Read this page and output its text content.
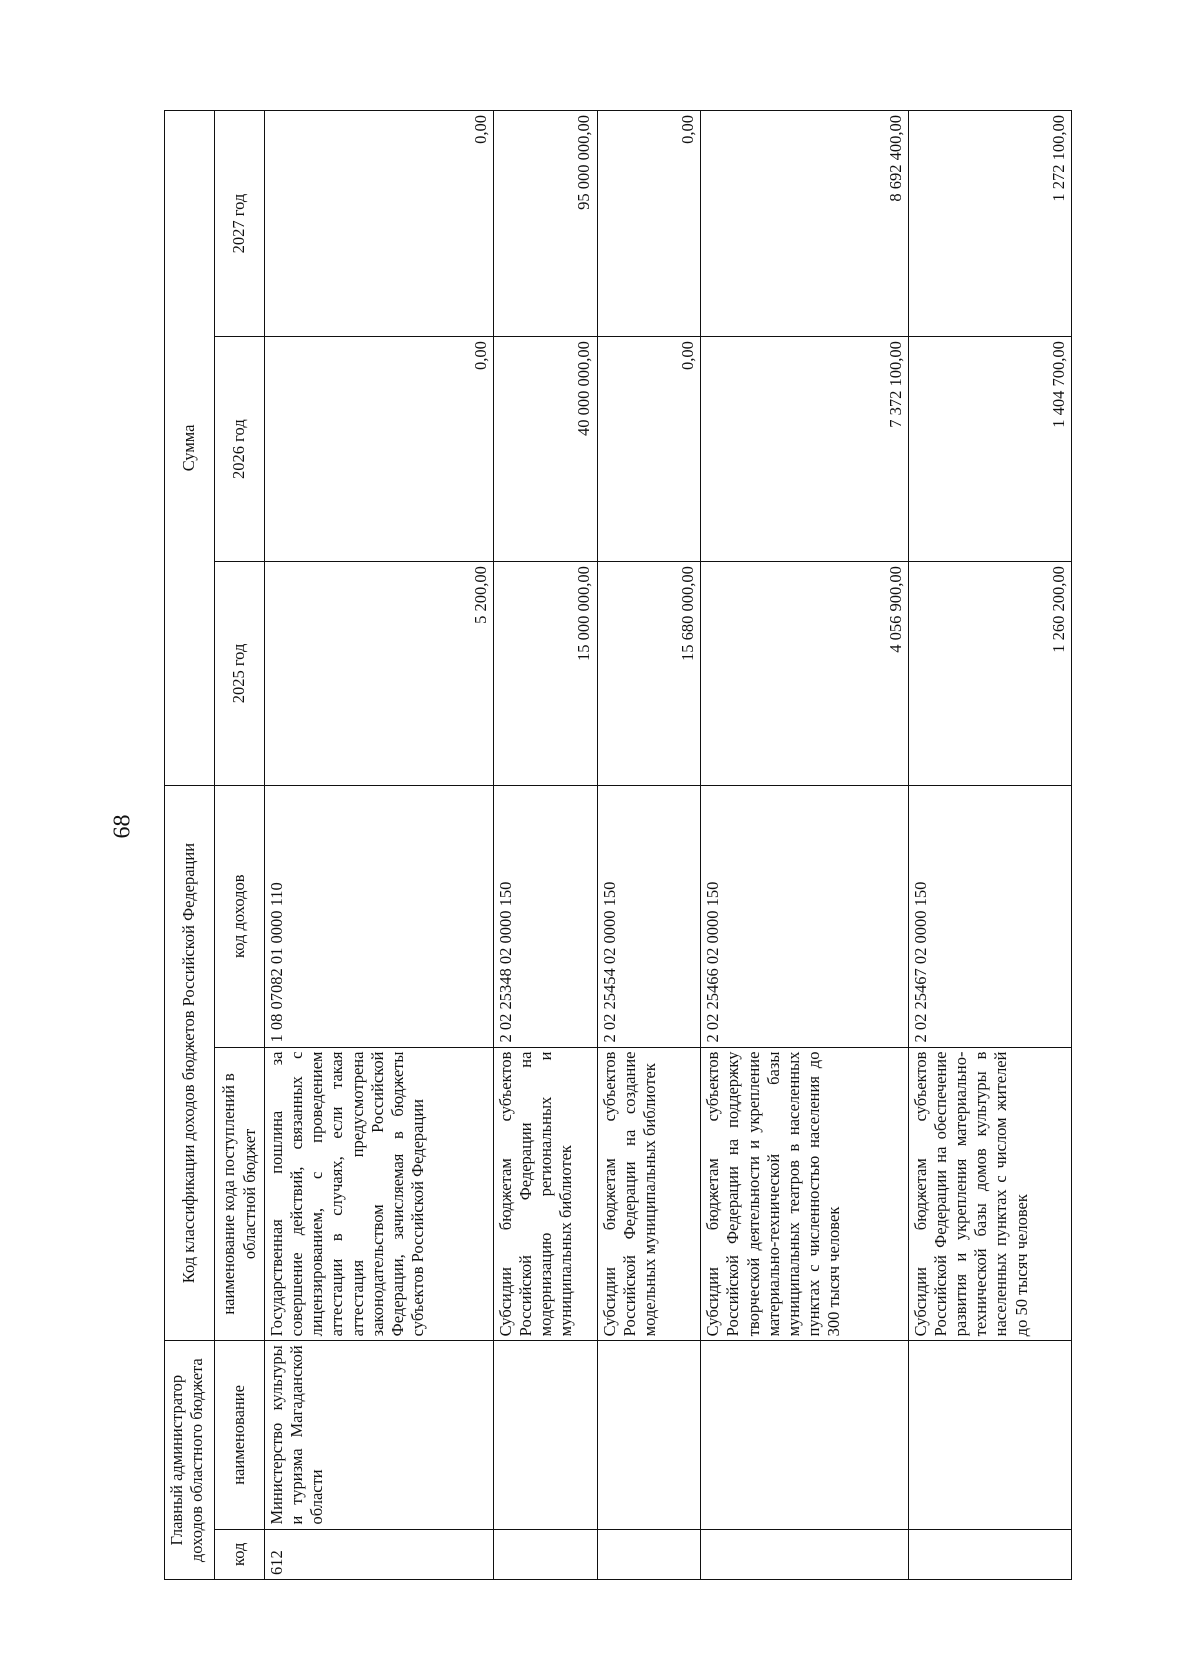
68
Главный администратор доходов областного бюджета		Код классификации доходов бюджетов Российской Федерации		Сумма		
код	наименование	наименование кода поступлений в областной бюджет	код доходов	2025 год	2026 год	2027 год
612	Министерство культуры и туризма Магаданской области	Государственная пошлина за совершение действий, связанных с лицензированием, с проведением аттестации в случаях, если такая аттестация предусмотрена законодательством Российской Федерации, зачисляемая в бюджеты субъектов Российской Федерации	1 08 07082 01 0000 110	5 200,00	0,00	0,00
		Субсидии бюджетам субъектов Российской Федерации на модернизацию региональных и муниципальных библиотек	2 02 25348 02 0000 150	15 000 000,00	40 000 000,00	95 000 000,00
		Субсидии бюджетам субъектов Российской Федерации на создание модельных муниципальных библиотек	2 02 25454 02 0000 150	15 680 000,00	0,00	0,00
		Субсидии бюджетам субъектов Российской Федерации на поддержку творческой деятельности и укрепление материально-технической базы муниципальных театров в населенных пунктах с численностью населения до 300 тысяч человек	2 02 25466 02 0000 150	4 056 900,00	7 372 100,00	8 692 400,00
		Субсидии бюджетам субъектов Российской Федерации на обеспечение развития и укрепления материально-технической базы домов культуры в населенных пунктах с числом жителей до 50 тысяч человек	2 02 25467 02 0000 150	1 260 200,00	1 404 700,00	1 272 100,00
